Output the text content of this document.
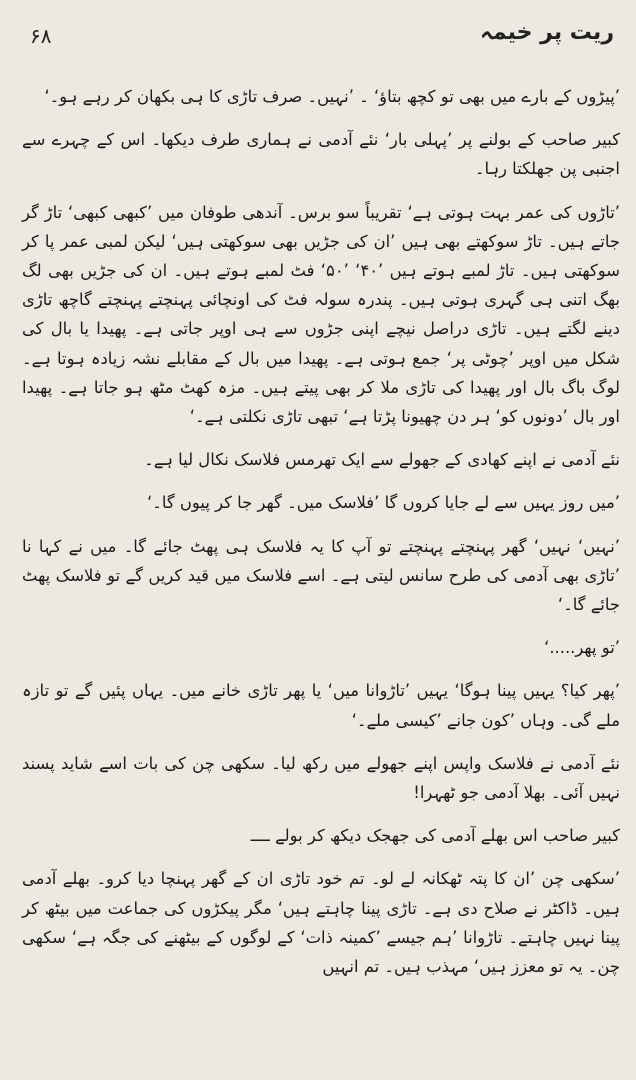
۶۸	ریت پر خیمہ

’پیڑوں کے بارے میں بھی تو کچھ بتاؤ‘ ۔ ’نہیں۔ صرف تاڑی کا ہی بکھان کر رہے ہو۔‘

کبیر صاحب کے بولنے پر ’پہلی بار‘ نئے آدمی نے ہماری طرف دیکھا۔ اس کے چہرے سے اجنبی پن جھلکتا رہا۔

’تاڑوں کی عمر بہت ہوتی ہے‘ تقریباً سو برس۔ آندھی طوفان میں ’کبھی کبھی‘ تاڑ گر جاتے ہیں۔ تاڑ سوکھتے بھی ہیں ’ان کی جڑیں بھی سوکھتی ہیں‘ لیکن لمبی عمر پا کر سوکھتی ہیں۔ تاڑ لمبے ہوتے ہیں ’۴۰‘ ’۵۰‘ فٹ لمبے ہوتے ہیں۔ ان کی جڑیں بھی لگ بھگ اتنی ہی گہری ہوتی ہیں۔ پندرہ سولہ فٹ کی اونچائی پہنچتے پہنچتے گاچھ تاڑی دینے لگتے ہیں۔ تاڑی دراصل نیچے اپنی جڑوں سے ہی اوپر جاتی ہے۔ پھیدا یا بال کی شکل میں اوپر ’چوٹی پر‘ جمع ہوتی ہے۔ پھیدا میں بال کے مقابلے نشہ زیادہ ہوتا ہے۔ لوگ باگ بال اور پھیدا کی تاڑی ملا کر بھی پیتے ہیں۔ مزہ کھٹ مٹھ ہو جاتا ہے۔ پھیدا اور بال ’دونوں کو‘ ہر دن چھیونا پڑتا ہے‘ تبھی تاڑی نکلتی ہے۔‘

نئے آدمی نے اپنے کھادی کے جھولے سے ایک تھرمس فلاسک نکال لیا ہے۔

’میں روز یہیں سے لے جایا کروں گا ’فلاسک میں۔ گھر جا کر پیوں گا۔‘

’نہیں‘ نہیں‘ گھر پہنچتے پہنچتے تو آپ کا یہ فلاسک ہی پھٹ جائے گا۔ میں نے کہا نا ’تاڑی بھی آدمی کی طرح سانس لیتی ہے۔ اسے فلاسک میں قید کریں گے تو فلاسک پھٹ جائے گا۔‘

’تو پھر.....‘

’پھر کیا؟ یہیں پینا ہوگا‘ یہیں ’تاڑوانا میں‘ یا پھر تاڑی خانے میں۔ یہاں پئیں گے تو تازہ ملے گی۔ وہاں ’کون جانے ’کیسی ملے۔‘

نئے آدمی نے فلاسک واپس اپنے جھولے میں رکھ لیا۔ سکھی چن کی بات اسے شاید پسند نہیں آئی۔ بھلا آدمی جو ٹھہرا!

کبیر صاحب اس بھلے آدمی کی جھجک دیکھ کر بولے ــــ

’سکھی چن ’ان کا پتہ ٹھکانہ لے لو۔ تم خود تاڑی ان کے گھر پہنچا دیا کرو۔ بھلے آدمی ہیں۔ ڈاکٹر نے صلاح دی ہے۔ تاڑی پینا چاہتے ہیں‘ مگر پیکڑوں کی جماعت میں بیٹھ کر پینا نہیں چاہتے۔ تاڑوانا ’ہم جیسے ’کمینہ ذات‘ کے لوگوں کے بیٹھنے کی جگہ ہے‘ سکھی چن۔ یہ تو معزز ہیں‘ مہذب ہیں۔ تم انہیں
